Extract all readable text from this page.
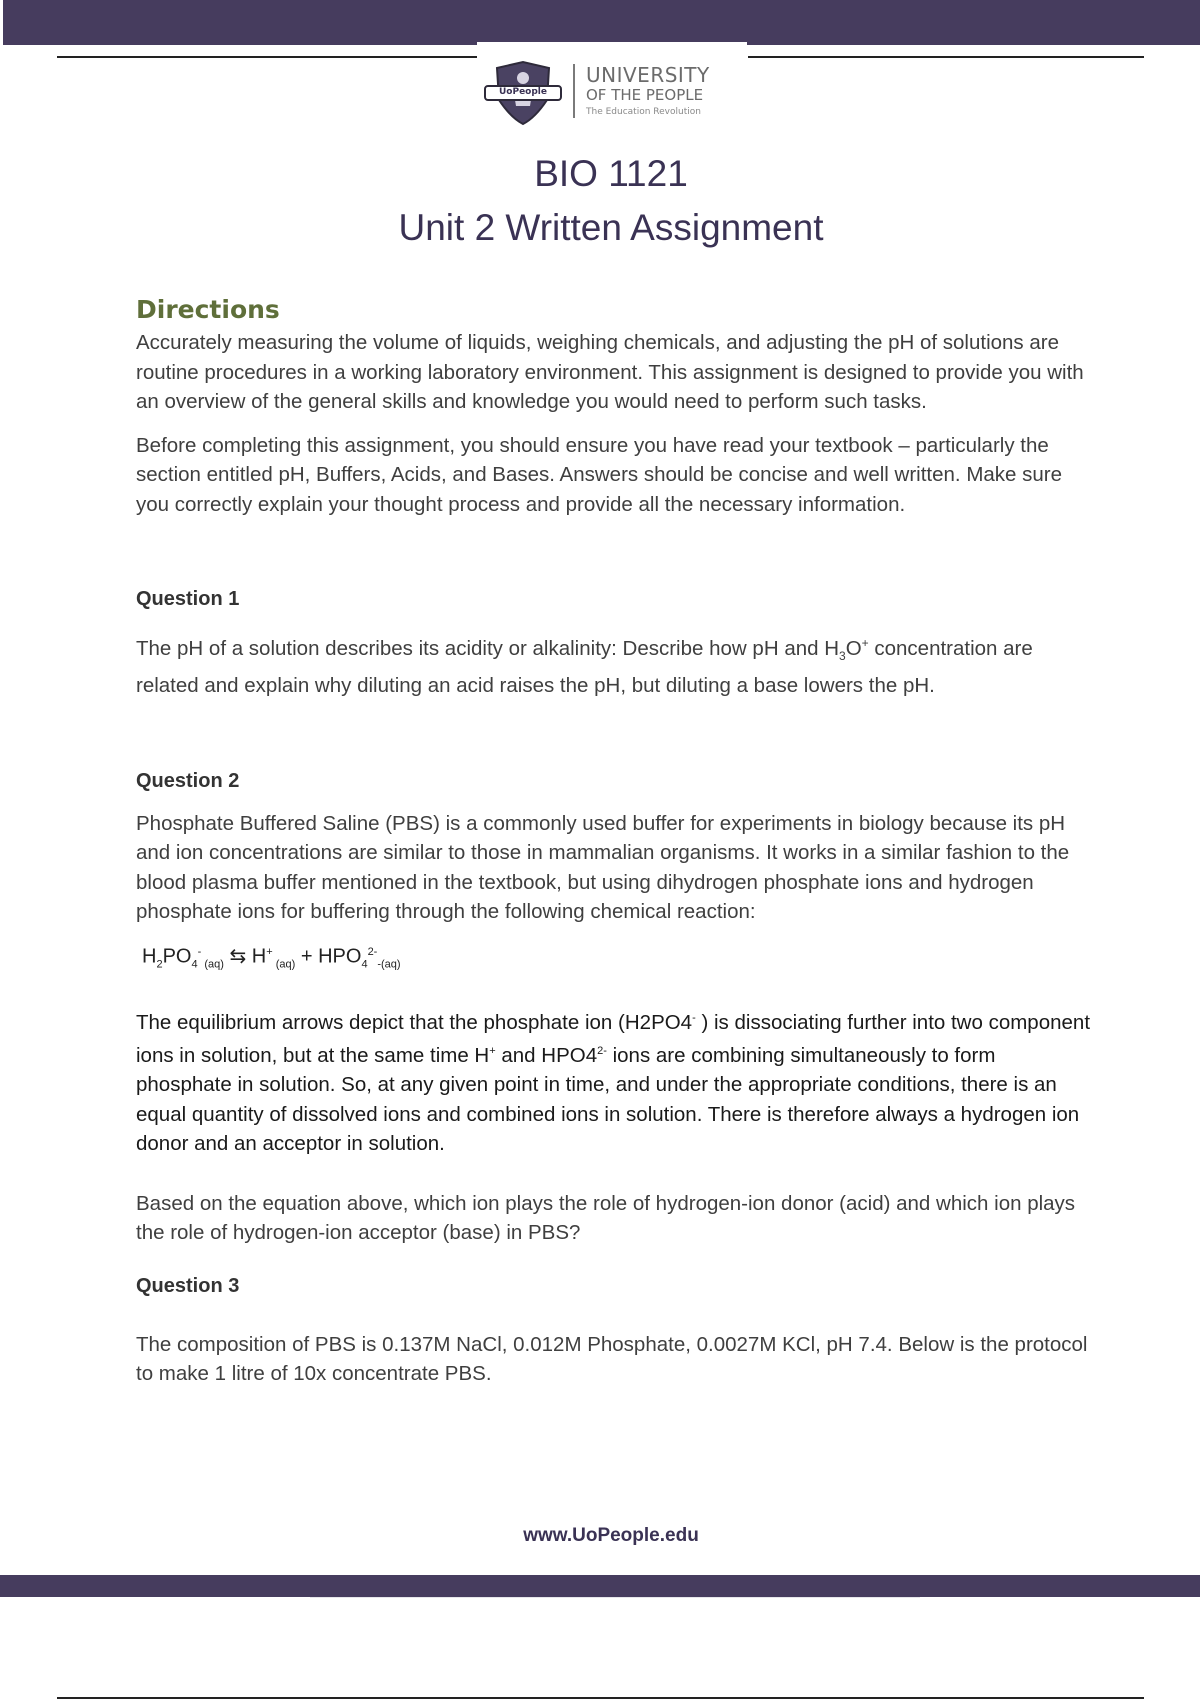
UoPeople
UNIVERSITY
OF THE PEOPLE
The Education Revolution
BIO 1121
Unit 2 Written Assignment
Directions

Accurately measuring the volume of liquids, weighing chemicals, and adjusting the pH of solutions are routine procedures in a working laboratory environment. This assignment is designed to provide you with an overview of the general skills and knowledge you would need to perform such tasks.

Before completing this assignment, you should ensure you have read your textbook – particularly the section entitled pH, Buffers, Acids, and Bases. Answers should be concise and well written. Make sure you correctly explain your thought process and provide all the necessary information.

Question 1

The pH of a solution describes its acidity or alkalinity: Describe how pH and $H_3O^+$ concentration are related and explain why diluting an acid raises the pH, but diluting a base lowers the pH.

Question 2

Phosphate Buffered Saline (PBS) is a commonly used buffer for experiments in biology because its pH and ion concentrations are similar to those in mammalian organisms. It works in a similar fashion to the blood plasma buffer mentioned in the textbook, but using dihydrogen phosphate ions and hydrogen phosphate ions for buffering through the following chemical reaction:

$H_2PO_4^-$ $_{(aq)}$ ⇆ H+ $_{(aq)} + HPO_4^{2-}_{-(aq)}$

The equilibrium arrows depict that the phosphate ion (H2PO4- ) is dissociating further into two component ions in solution, but at the same time H+ and $HPO4^{2-}$ ions are combining simultaneously to form phosphate in solution. So, at any given point in time, and under the appropriate conditions, there is an equal quantity of dissolved ions and combined ions in solution. There is therefore always a hydrogen ion donor and an acceptor in solution.

Based on the equation above, which ion plays the role of hydrogen-ion donor (acid) and which ion plays the role of hydrogen-ion acceptor (base) in PBS?

Question 3

The composition of PBS is 0.137M NaCl, 0.012M Phosphate, 0.0027M KCl, pH 7.4. Below is the protocol to make 1 litre of 10x concentrate PBS.

www.UoPeople.edu
